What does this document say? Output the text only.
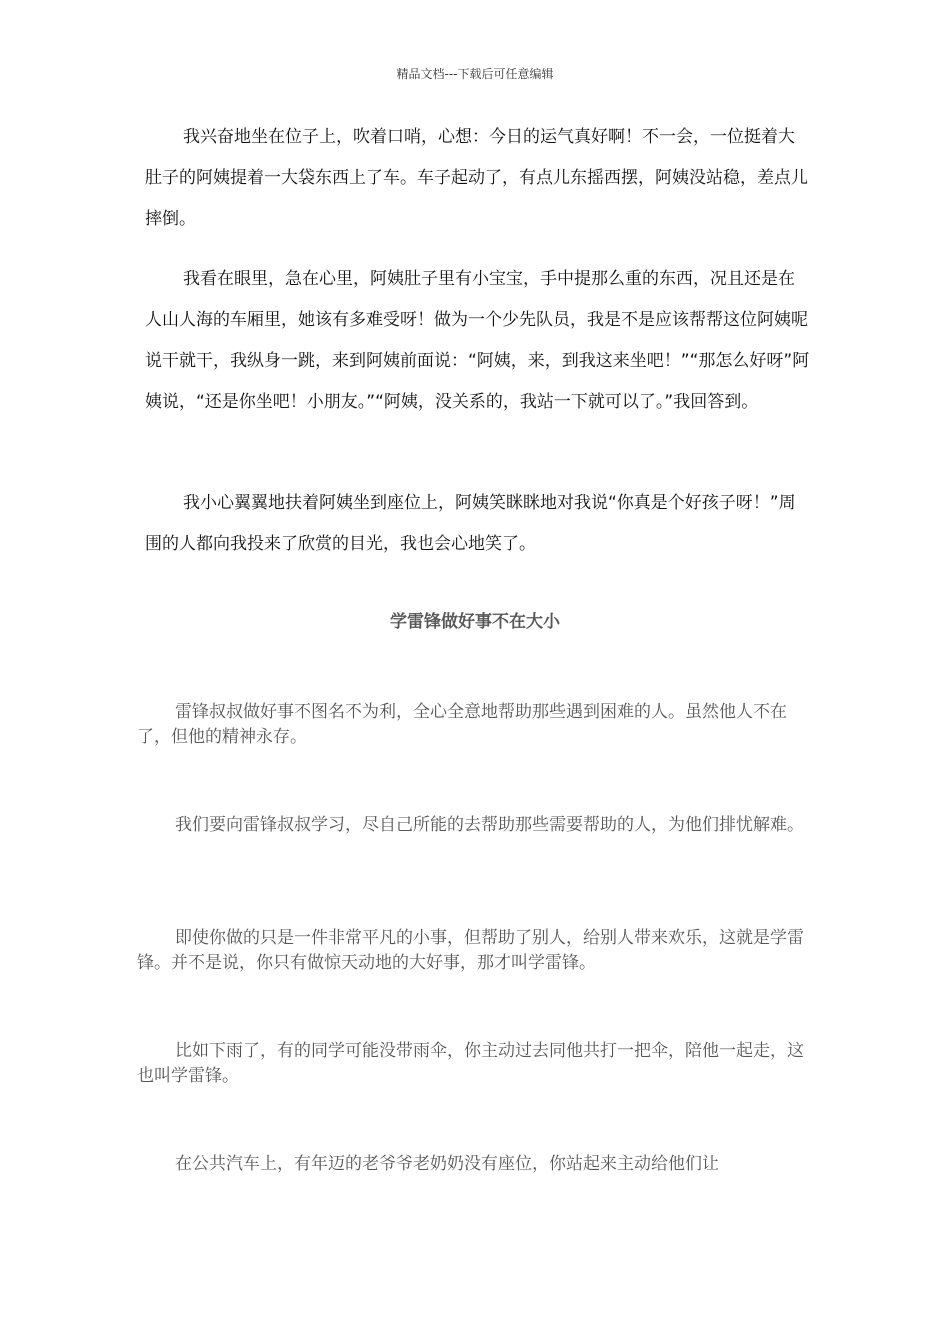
精品文档---下载后可任意编辑

我兴奋地坐在位子上，吹着口哨，心想：今日的运气真好啊！不一会，一位挺着大肚子的阿姨提着一大袋东西上了车。车子起动了，有点儿东摇西摆，阿姨没站稳，差点儿摔倒。

我看在眼里，急在心里，阿姨肚子里有小宝宝，手中提那么重的东西，况且还是在人山人海的车厢里，她该有多难受呀！做为一个少先队员，我是不是应该帮帮这位阿姨呢说干就干，我纵身一跳，来到阿姨前面说：“阿姨，来，到我这来坐吧！”“那怎么好呀”阿姨说，“还是你坐吧！小朋友。”“阿姨，没关系的，我站一下就可以了。”我回答到。

我小心翼翼地扶着阿姨坐到座位上，阿姨笑眯眯地对我说“你真是个好孩子呀！”周围的人都向我投来了欣赏的目光，我也会心地笑了。

学雷锋做好事不在大小

雷锋叔叔做好事不图名不为利，全心全意地帮助那些遇到困难的人。虽然他人不在了，但他的精神永存。

我们要向雷锋叔叔学习，尽自己所能的去帮助那些需要帮助的人，为他们排忧解难。

即使你做的只是一件非常平凡的小事，但帮助了别人，给别人带来欢乐，这就是学雷锋。并不是说，你只有做惊天动地的大好事，那才叫学雷锋。

比如下雨了，有的同学可能没带雨伞，你主动过去同他共打一把伞，陪他一起走，这也叫学雷锋。

在公共汽车上，有年迈的老爷爷老奶奶没有座位，你站起来主动给他们让
